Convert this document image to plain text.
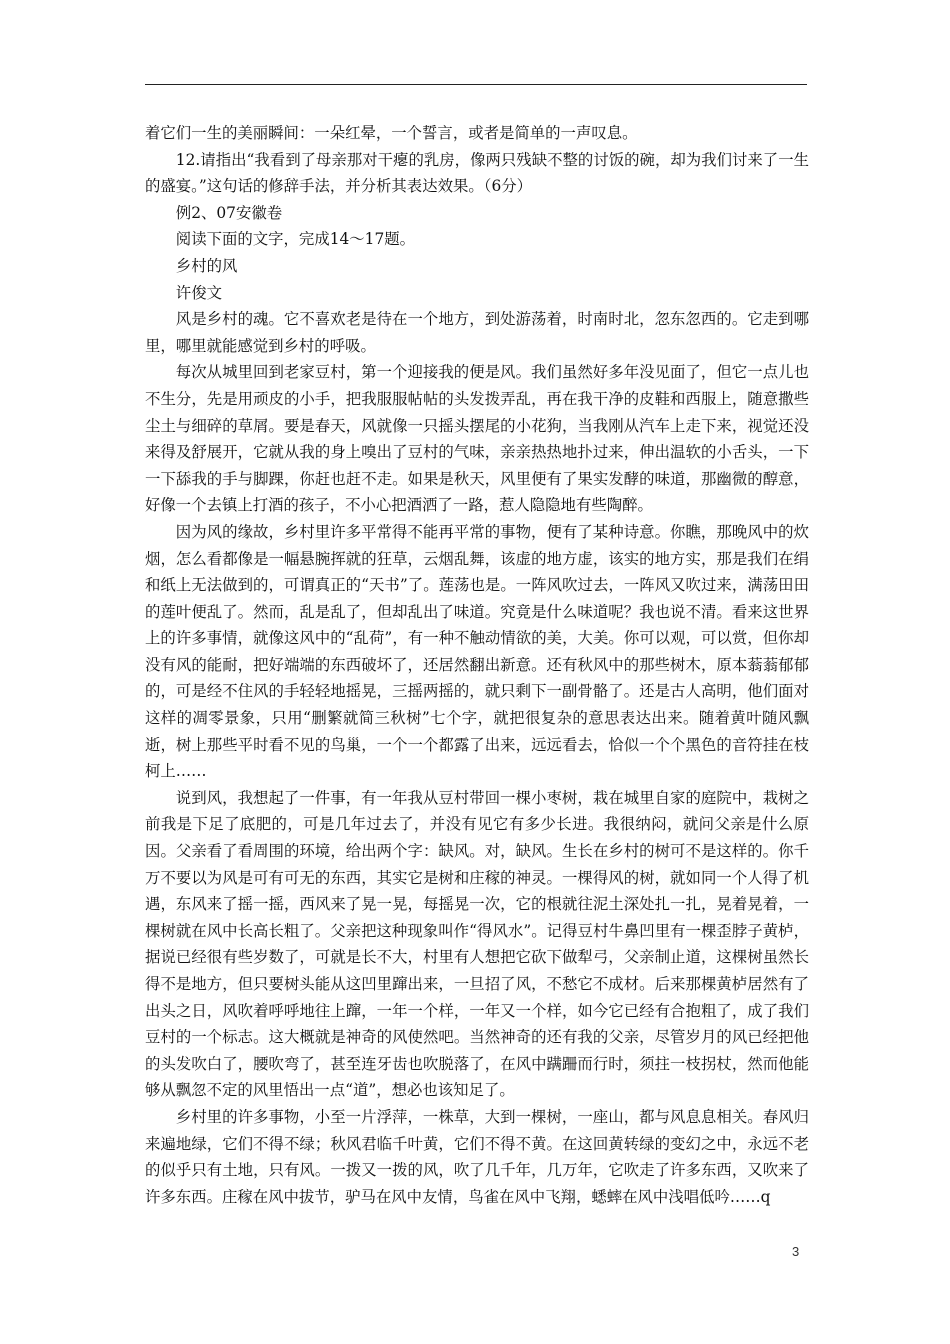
着它们一生的美丽瞬间：一朵红晕，一个誓言，或者是简单的一声叹息。

12.请指出“我看到了母亲那对干瘪的乳房，像两只残缺不整的讨饭的碗，却为我们讨来了一生的盛宴。”这句话的修辞手法，并分析其表达效果。（6分）

例2、07安徽卷

阅读下面的文字，完成14～17题。

乡村的风

许俊文

风是乡村的魂。它不喜欢老是待在一个地方，到处游荡着，时南时北，忽东忽西的。它走到哪里，哪里就能感觉到乡村的呼吸。

每次从城里回到老家豆村，第一个迎接我的便是风。我们虽然好多年没见面了，但它一点儿也不生分，先是用顽皮的小手，把我服服帖帖的头发拨弄乱，再在我干净的皮鞋和西服上，随意撒些尘土与细碎的草屑。要是春天，风就像一只摇头摆尾的小花狗，当我刚从汽车上走下来，视觉还没来得及舒展开，它就从我的身上嗅出了豆村的气味，亲亲热热地扑过来，伸出温软的小舌头，一下一下舔我的手与脚踝，你赶也赶不走。如果是秋天，风里便有了果实发酵的味道，那幽微的醇意，好像一个去镇上打酒的孩子，不小心把酒洒了一路，惹人隐隐地有些陶醉。

因为风的缘故，乡村里许多平常得不能再平常的事物，便有了某种诗意。你瞧，那晚风中的炊烟，怎么看都像是一幅悬腕挥就的狂草，云烟乱舞，该虚的地方虚，该实的地方实，那是我们在绢和纸上无法做到的，可谓真正的“天书”了。莲荡也是。一阵风吹过去，一阵风又吹过来，满荡田田的莲叶便乱了。然而，乱是乱了，但却乱出了味道。究竟是什么味道呢？我也说不清。看来这世界上的许多事情，就像这风中的“乱荷”，有一种不触动情欲的美，大美。你可以观，可以赏，但你却没有风的能耐，把好端端的东西破坏了，还居然翻出新意。还有秋风中的那些树木，原本蓊蓊郁郁的，可是经不住风的手轻轻地摇晃，三摇两摇的，就只剩下一副骨骼了。还是古人高明，他们面对这样的凋零景象，只用“删繁就简三秋树”七个字，就把很复杂的意思表达出来。随着黄叶随风飘逝，树上那些平时看不见的鸟巢，一个一个都露了出来，远远看去，恰似一个个黑色的音符挂在枝柯上……

说到风，我想起了一件事，有一年我从豆村带回一棵小枣树，栽在城里自家的庭院中，栽树之前我是下足了底肥的，可是几年过去了，并没有见它有多少长进。我很纳闷，就问父亲是什么原因。父亲看了看周围的环境，给出两个字：缺风。对，缺风。生长在乡村的树可不是这样的。你千万不要以为风是可有可无的东西，其实它是树和庄稼的神灵。一棵得风的树，就如同一个人得了机遇，东风来了摇一摇，西风来了晃一晃，每摇晃一次，它的根就往泥土深处扎一扎，晃着晃着，一棵树就在风中长高长粗了。父亲把这种现象叫作“得风水”。记得豆村牛鼻凹里有一棵歪脖子黄栌，据说已经很有些岁数了，可就是长不大，村里有人想把它砍下做犁弓，父亲制止道，这棵树虽然长得不是地方，但只要树头能从这凹里蹿出来，一旦招了风，不愁它不成材。后来那棵黄栌居然有了出头之日，风吹着呼呼地往上蹿，一年一个样，一年又一个样，如今它已经有合抱粗了，成了我们豆村的一个标志。这大概就是神奇的风使然吧。当然神奇的还有我的父亲，尽管岁月的风已经把他的头发吹白了，腰吹弯了，甚至连牙齿也吹脱落了，在风中蹒跚而行时，须拄一枝拐杖，然而他能够从飘忽不定的风里悟出一点“道”，想必也该知足了。

乡村里的许多事物，小至一片浮萍，一株草，大到一棵树，一座山，都与风息息相关。春风归来遍地绿，它们不得不绿；秋风君临千叶黄，它们不得不黄。在这回黄转绿的变幻之中，永远不老的似乎只有土地，只有风。一拨又一拨的风，吹了几千年，几万年，它吹走了许多东西，又吹来了许多东西。庄稼在风中拔节，驴马在风中友情，鸟雀在风中飞翔，蟋蟀在风中浅唱低吟……q

3
